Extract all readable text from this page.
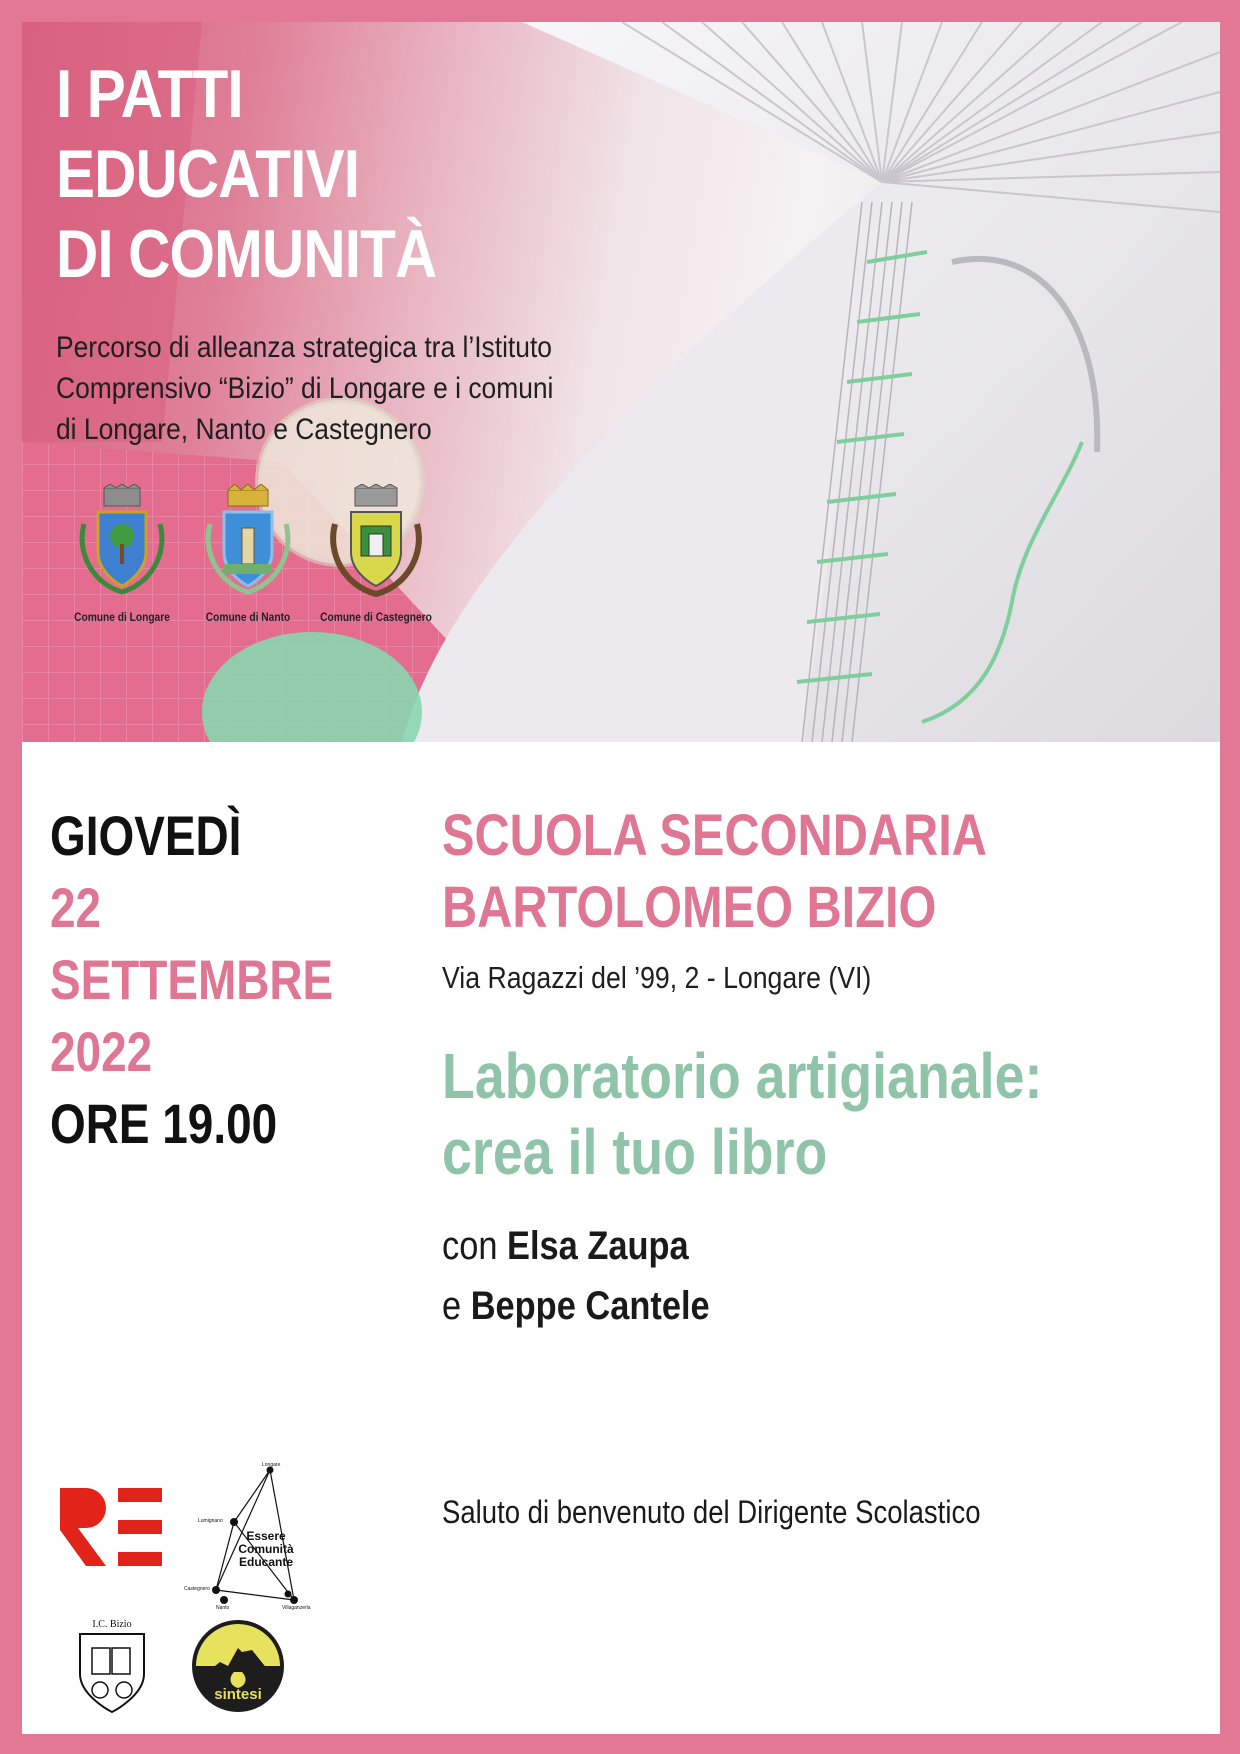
I PATTI
EDUCATIVI
DI COMUNITÀ

Percorso di alleanza strategica tra l’Istituto
Comprensivo “Bizio” di Longare e i comuni
di Longare, Nanto e Castegnero

Comune di Longare	Comune di Nanto	Comune di Castegnero
GIOVEDÌ
22 SETTEMBRE
2022
ORE 19.00
SCUOLA SECONDARIA
BARTOLOMEO BIZIO

Via Ragazzi del ’99, 2 - Longare (VI)

Laboratorio artigianale:
crea il tuo libro

con Elsa Zaupa
e Beppe Cantele

Saluto di benvenuto del Dirigente Scolastico
Essere
Comunità
Educante
Longare
Lumignano
Castegnero
Nanto	Villaganzerla
I.C. Bizio
sintesi
